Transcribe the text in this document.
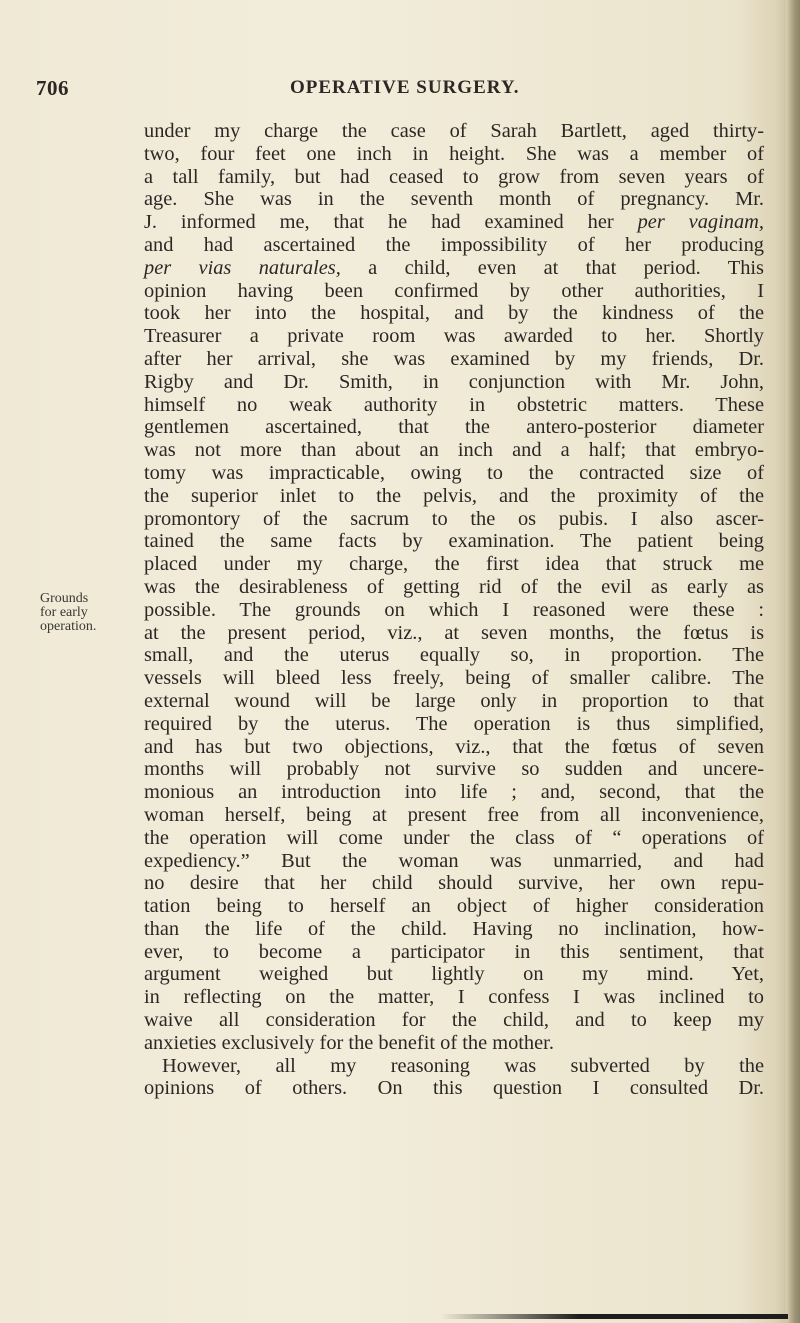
706	OPERATIVE SURGERY.
Grounds
for early
operation.
under my charge the case of Sarah Bartlett, aged thirty-
two, four feet one inch in height. She was a member of
a tall family, but had ceased to grow from seven years of
age. She was in the seventh month of pregnancy. Mr.
J. informed me, that he had examined her per vaginam,
and had ascertained the impossibility of her producing
per vias naturales, a child, even at that period. This
opinion having been confirmed by other authorities, I
took her into the hospital, and by the kindness of the
Treasurer a private room was awarded to her. Shortly
after her arrival, she was examined by my friends, Dr.
Rigby and Dr. Smith, in conjunction with Mr. John,
himself no weak authority in obstetric matters. These
gentlemen ascertained, that the antero-posterior diameter
was not more than about an inch and a half; that embryo-
tomy was impracticable, owing to the contracted size of
the superior inlet to the pelvis, and the proximity of the
promontory of the sacrum to the os pubis. I also ascer-
tained the same facts by examination. The patient being
placed under my charge, the first idea that struck me
was the desirableness of getting rid of the evil as early as
possible. The grounds on which I reasoned were these :
at the present period, viz., at seven months, the fœtus is
small, and the uterus equally so, in proportion. The
vessels will bleed less freely, being of smaller calibre. The
external wound will be large only in proportion to that
required by the uterus. The operation is thus simplified,
and has but two objections, viz., that the fœtus of seven
months will probably not survive so sudden and uncere-
monious an introduction into life ; and, second, that the
woman herself, being at present free from all inconvenience,
the operation will come under the class of “ operations of
expediency.” But the woman was unmarried, and had
no desire that her child should survive, her own repu-
tation being to herself an object of higher consideration
than the life of the child. Having no inclination, how-
ever, to become a participator in this sentiment, that
argument weighed but lightly on my mind. Yet,
in reflecting on the matter, I confess I was inclined to
waive all consideration for the child, and to keep my
anxieties exclusively for the benefit of the mother.
However, all my reasoning was subverted by the
opinions of others. On this question I consulted Dr.
